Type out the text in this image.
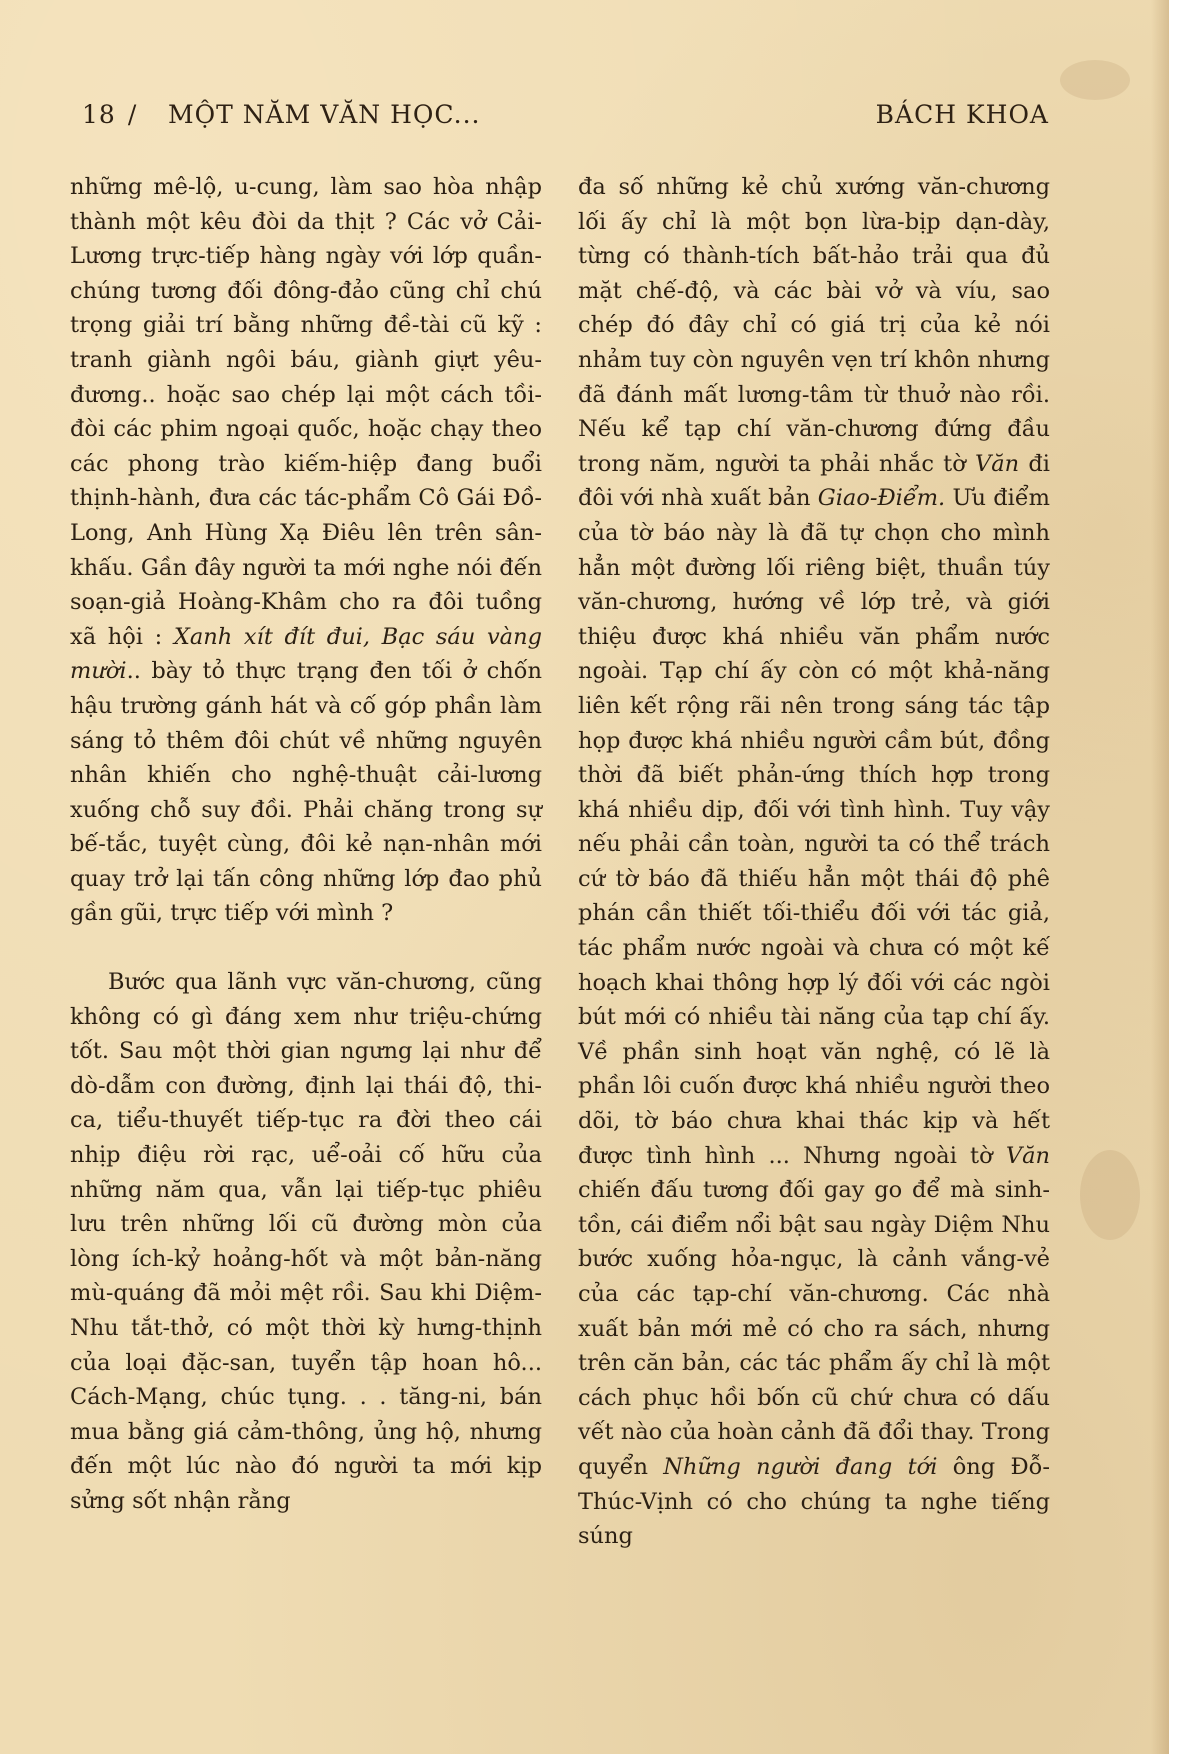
18 /	MỘT NĂM VĂN HỌC...	BÁCH KHOA

những mê-lộ, u-cung, làm sao hòa nhập thành một kêu đòi da thịt ? Các vở Cải-Lương trực-tiếp hàng ngày với lớp quần-chúng tương đối đông-đảo cũng chỉ chú trọng giải trí bằng những đề-tài cũ kỹ : tranh giành ngôi báu, giành giựt yêu-đương.. hoặc sao chép lại một cách tồi-đòi các phim ngoại quốc, hoặc chạy theo các phong trào kiếm-hiệp đang buổi thịnh-hành, đưa các tác-phẩm Cô Gái Đồ-Long, Anh Hùng Xạ Điêu lên trên sân-khấu. Gần đây người ta mới nghe nói đến soạn-giả Hoàng-Khâm cho ra đôi tuồng xã hội : Xanh xít đít đui, Bạc sáu vàng mười.. bày tỏ thực trạng đen tối ở chốn hậu trường gánh hát và cố góp phần làm sáng tỏ thêm đôi chút về những nguyên nhân khiến cho nghệ-thuật cải-lương xuống chỗ suy đồi. Phải chăng trong sự bế-tắc, tuyệt cùng, đôi kẻ nạn-nhân mới quay trở lại tấn công những lớp đao phủ gần gũi, trực tiếp với mình ?

Bước qua lãnh vực văn-chương, cũng không có gì đáng xem như triệu-chứng tốt. Sau một thời gian ngưng lại như để dò-dẫm con đường, định lại thái độ, thi-ca, tiểu-thuyết tiếp-tục ra đời theo cái nhịp điệu rời rạc, uể-oải cố hữu của những năm qua, vẫn lại tiếp-tục phiêu lưu trên những lối cũ đường mòn của lòng ích-kỷ hoảng-hốt và một bản-năng mù-quáng đã mỏi mệt rồi. Sau khi Diệm-Nhu tắt-thở, có một thời kỳ hưng-thịnh của loại đặc-san, tuyển tập hoan hô... Cách-Mạng, chúc tụng. . . tăng-ni, bán mua bằng giá cảm-thông, ủng hộ, nhưng đến một lúc nào đó người ta mới kịp sửng sốt nhận rằng

đa số những kẻ chủ xướng văn-chương lối ấy chỉ là một bọn lừa-bịp dạn-dày, từng có thành-tích bất-hảo trải qua đủ mặt chế-độ, và các bài vở và víu, sao chép đó đây chỉ có giá trị của kẻ nói nhảm tuy còn nguyên vẹn trí khôn nhưng đã đánh mất lương-tâm từ thuở nào rồi. Nếu kể tạp chí văn-chương đứng đầu trong năm, người ta phải nhắc tờ Văn đi đôi với nhà xuất bản Giao-Điểm. Ưu điểm của tờ báo này là đã tự chọn cho mình hẳn một đường lối riêng biệt, thuần túy văn-chương, hướng về lớp trẻ, và giới thiệu được khá nhiều văn phẩm nước ngoài. Tạp chí ấy còn có một khả-năng liên kết rộng rãi nên trong sáng tác tập họp được khá nhiều người cầm bút, đồng thời đã biết phản-ứng thích hợp trong khá nhiều dịp, đối với tình hình. Tuy vậy nếu phải cần toàn, người ta có thể trách cứ tờ báo đã thiếu hẳn một thái độ phê phán cần thiết tối-thiểu đối với tác giả, tác phẩm nước ngoài và chưa có một kế hoạch khai thông hợp lý đối với các ngòi bút mới có nhiều tài năng của tạp chí ấy. Về phần sinh hoạt văn nghệ, có lẽ là phần lôi cuốn được khá nhiều người theo dõi, tờ báo chưa khai thác kịp và hết được tình hình ... Nhưng ngoài tờ Văn chiến đấu tương đối gay go để mà sinh-tồn, cái điểm nổi bật sau ngày Diệm Nhu bước xuống hỏa-ngục, là cảnh vắng-vẻ của các tạp-chí văn-chương. Các nhà xuất bản mới mẻ có cho ra sách, nhưng trên căn bản, các tác phẩm ấy chỉ là một cách phục hồi bốn cũ chứ chưa có dấu vết nào của hoàn cảnh đã đổi thay. Trong quyển Những người đang tới ông Đỗ-Thúc-Vịnh có cho chúng ta nghe tiếng súng
